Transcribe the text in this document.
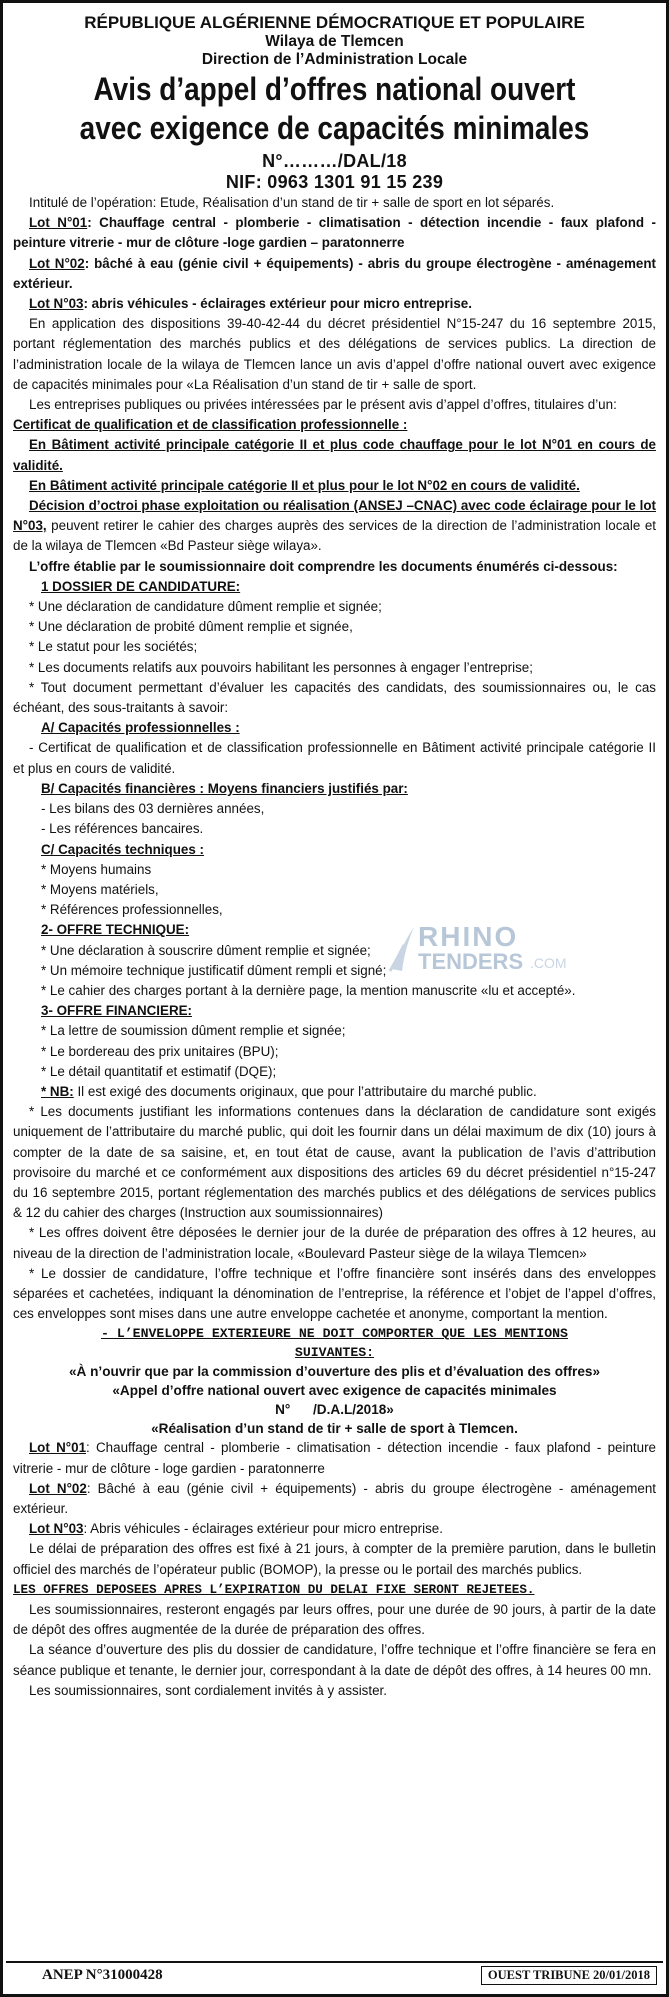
RÉPUBLIQUE ALGÉRIENNE DÉMOCRATIQUE ET POPULAIRE
Wilaya de Tlemcen
Direction de l’Administration Locale
Avis d’appel d’offres national ouvert
avec exigence de capacités minimales
N°………/DAL/18
NIF: 0963 1301 91 15 239

Intitulé de l’opération: Etude, Réalisation d’un stand de tir + salle de sport en lot séparés.

Lot N°01: Chauffage central - plomberie - climatisation - détection incendie - faux plafond - peinture vitrerie - mur de clôture -loge gardien – paratonnerre

Lot N°02: bâché à eau (génie civil + équipements) - abris du groupe électrogène - aménagement extérieur.

Lot N°03: abris véhicules - éclairages extérieur pour micro entreprise.

En application des dispositions 39-40-42-44 du décret présidentiel N°15-247 du 16 septembre 2015, portant réglementation des marchés publics et des délégations de services publics. La direction de l’administration locale de la wilaya de Tlemcen lance un avis d’appel d’offre national ouvert avec exigence de capacités minimales pour «La Réalisation d’un stand de tir + salle de sport.

Les entreprises publiques ou privées intéressées par le présent avis d’appel d’offres, titulaires d’un:

Certificat de qualification et de classification professionnelle :

En Bâtiment activité principale catégorie II et plus code chauffage pour le lot N°01 en cours de validité.

En Bâtiment activité principale catégorie II et plus pour le lot N°02 en cours de validité.

Décision d’octroi phase exploitation ou réalisation (ANSEJ –CNAC) avec code éclairage pour le lot N°03, peuvent retirer le cahier des charges auprès des services de la direction de l’administration locale et de la wilaya de Tlemcen «Bd Pasteur siège wilaya».

L’offre établie par le soumissionnaire doit comprendre les documents énumérés ci-dessous:

1 DOSSIER DE CANDIDATURE:

* Une déclaration de candidature dûment remplie et signée;

* Une déclaration de probité dûment remplie et signée,

* Le statut pour les sociétés;

* Les documents relatifs aux pouvoirs habilitant les personnes à engager l’entreprise;

* Tout document permettant d’évaluer les capacités des candidats, des soumissionnaires ou, le cas échéant, des sous-traitants à savoir:

A/ Capacités professionnelles :

- Certificat de qualification et de classification professionnelle en Bâtiment activité principale catégorie II et plus en cours de validité.

B/ Capacités financières : Moyens financiers justifiés par:

- Les bilans des 03 dernières années,

- Les références bancaires.

C/ Capacités techniques :

* Moyens humains

* Moyens matériels,

* Références professionnelles,

2- OFFRE TECHNIQUE:

* Une déclaration à souscrire dûment remplie et signée;

* Un mémoire technique justificatif dûment rempli et signé;

* Le cahier des charges portant à la dernière page, la mention manuscrite «lu et accepté».

3- OFFRE FINANCIERE:

* La lettre de soumission dûment remplie et signée;

* Le bordereau des prix unitaires (BPU);

* Le détail quantitatif et estimatif (DQE);

* NB: Il est exigé des documents originaux, que pour l’attributaire du marché public.

* Les documents justifiant les informations contenues dans la déclaration de candidature sont exigés uniquement de l’attributaire du marché public, qui doit les fournir dans un délai maximum de dix (10) jours à compter de la date de sa saisine, et, en tout état de cause, avant la publication de l’avis d’attribution provisoire du marché et ce conformément aux dispositions des articles 69 du décret présidentiel n°15-247 du 16 septembre 2015, portant réglementation des marchés publics et des délégations de services publics & 12 du cahier des charges (Instruction aux soumissionnaires)

* Les offres doivent être déposées le dernier jour de la durée de préparation des offres à 12 heures, au niveau de la direction de l’administration locale, «Boulevard Pasteur siège de la wilaya Tlemcen»

* Le dossier de candidature, l’offre technique et l’offre financière sont insérés dans des enveloppes séparées et cachetées, indiquant la dénomination de l’entreprise, la référence et l’objet de l’appel d’offres, ces enveloppes sont mises dans une autre enveloppe cachetée et anonyme, comportant la mention.

- L’ENVELOPPE EXTERIEURE NE DOIT COMPORTER QUE LES MENTIONS
SUIVANTES:
«À n’ouvrir que par la commission d’ouverture des plis et d’évaluation des offres»
«Appel d’offre national ouvert avec exigence de capacités minimales
N°      /D.A.L/2018»
«Réalisation d’un stand de tir + salle de sport à Tlemcen.

Lot N°01: Chauffage central - plomberie - climatisation - détection incendie - faux plafond - peinture vitrerie - mur de clôture - loge gardien - paratonnerre

Lot N°02: Bâché à eau (génie civil + équipements) - abris du groupe électrogène - aménagement extérieur.

Lot N°03: Abris véhicules - éclairages extérieur pour micro entreprise.

Le délai de préparation des offres est fixé à 21 jours, à compter de la première parution, dans le bulletin officiel des marchés de l’opérateur public (BOMOP), la presse ou le portail des marchés publics.

LES OFFRES DEPOSEES APRES L’EXPIRATION DU DELAI FIXE SERONT REJETEES.

Les soumissionnaires, resteront engagés par leurs offres, pour une durée de 90 jours, à partir de la date de dépôt des offres augmentée de la durée de préparation des offres.

La séance d’ouverture des plis du dossier de candidature, l’offre technique et l’offre financière se fera en séance publique et tenante, le dernier jour, correspondant à la date de dépôt des offres, à 14 heures 00 mn.

Les soumissionnaires, sont cordialement invités à y assister.

RHINO
TENDERS .COM
ANEP N°31000428	OUEST TRIBUNE 20/01/2018
